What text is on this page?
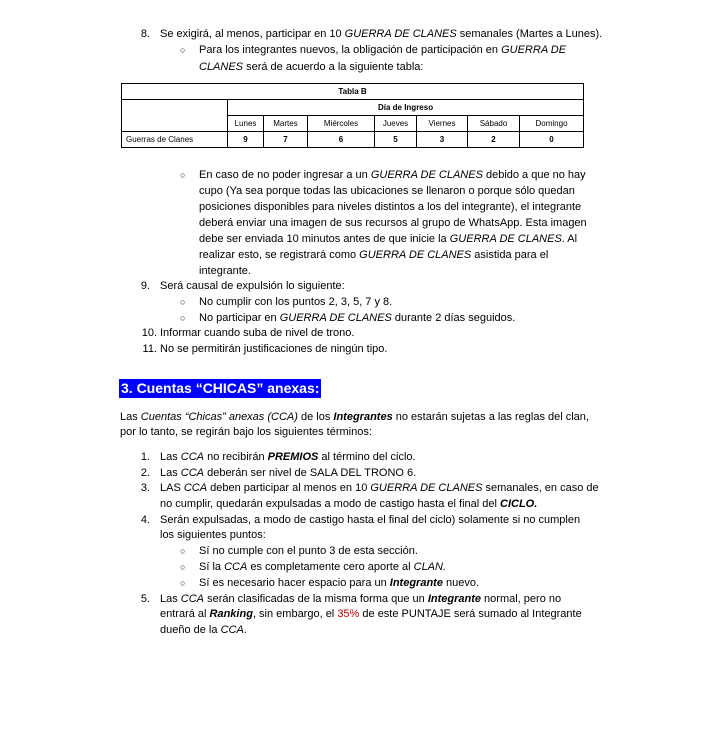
8. Se exigirá, al menos, participar en 10 GUERRA DE CLANES semanales (Martes a Lunes).
○ Para los integrantes nuevos, la obligación de participación en GUERRA DE
CLANES será de acuerdo a la siguiente tabla:
Tabla B							
	Día de Ingreso						
	Lunes	Martes	Miércoles	Jueves	Viernes	Sábado	Domingo
Guerras de Clanes	9	7	6	5	3	2	0
○ En caso de no poder ingresar a un GUERRA DE CLANES debido a que no hay
cupo (Ya sea porque todas las ubicaciones se llenaron o porque sólo quedan
posiciones disponibles para niveles distintos a los del integrante), el integrante
deberá enviar una imagen de sus recursos al grupo de WhatsApp. Esta imagen
debe ser enviada 10 minutos antes de que inicie la GUERRA DE CLANES. Al
realizar esto, se registrará como GUERRA DE CLANES asistida para el
integrante.
9. Será causal de expulsión lo siguiente:
○ No cumplir con los puntos 2, 3, 5, 7 y 8.
○ No participar en GUERRA DE CLANES durante 2 días seguidos.
10. Informar cuando suba de nivel de trono.
11. No se permitirán justificaciones de ningún tipo.
3. Cuentas “CHICAS” anexas:
Las Cuentas “Chicas” anexas (CCA) de los Integrantes no estarán sujetas a las reglas del clan,
por lo tanto, se regirán bajo los siguientes términos:
1. Las CCA no recibirán PREMIOS al término del ciclo.
2. Las CCA deberán ser nivel de SALA DEL TRONO 6.
3. LAS CCA deben participar al menos en 10 GUERRA DE CLANES semanales, en caso de
no cumplir, quedarán expulsadas a modo de castigo hasta el final del CICLO.
4. Serán expulsadas, a modo de castigo hasta el final del ciclo) solamente si no cumplen
los siguientes puntos:
○ Sí no cumple con el punto 3 de esta sección.
○ Sí la CCA es completamente cero aporte al CLAN.
○ Sí es necesario hacer espacio para un Integrante nuevo.
5. Las CCA serán clasificadas de la misma forma que un Integrante normal, pero no
entrará al Ranking, sin embargo, el 35% de este PUNTAJE será sumado al Integrante
dueño de la CCA.
